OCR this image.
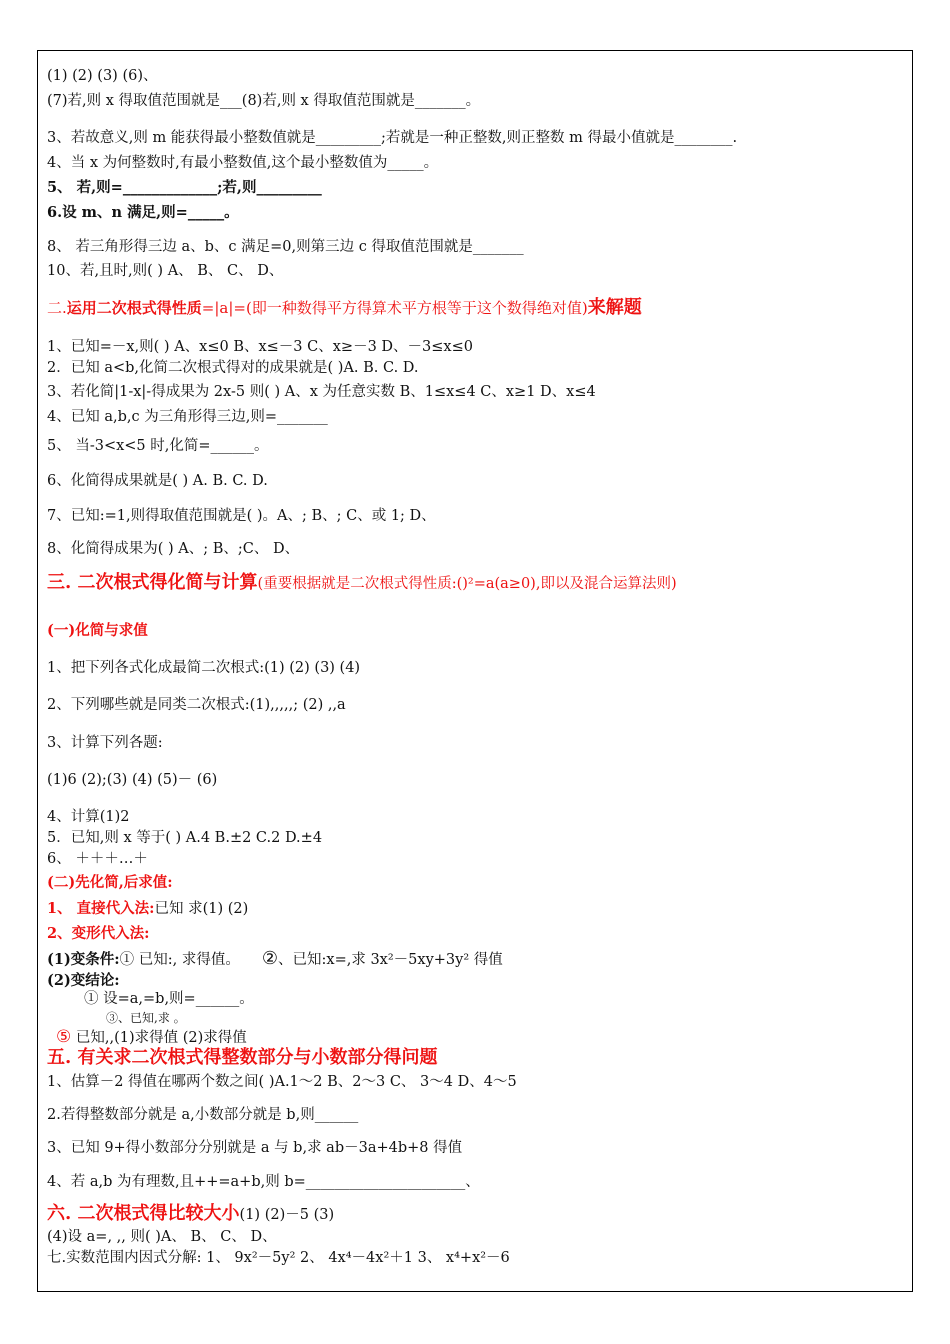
(1) (2) (3) (6)、
(7)若,则 x 得取值范围就是___(8)若,则 x 得取值范围就是_______。
3、若故意义,则 m 能获得最小整数值就是_________;若就是一种正整数,则正整数 m 得最小值就是________.
4、当 x 为何整数时,有最小整数值,这个最小整数值为_____。
5、 若,则=_____________;若,则_________
6.设 m、n 满足,则=_____。
8、 若三角形得三边 a、b、c 满足=0,则第三边 c 得取值范围就是_______
10、若,且时,则( ) A、 B、 C、 D、
二.运用二次根式得性质=|a|=(即一种数得平方得算术平方根等于这个数得绝对值)来解题
1、已知=－x,则( ) A、x≤0 B、x≤－3 C、x≥－3 D、－3≤x≤0
2．已知 a<b,化简二次根式得对的成果就是( )A. B. C. D.
3、若化简|1-x|-得成果为 2x-5 则( ) A、x 为任意实数 B、1≤x≤4 C、x≥1 D、x≤4
4、已知 a,b,c 为三角形得三边,则=_______
5、 当-3<x<5 时,化简=______。
6、化简得成果就是( ) A. B. C. D.
7、已知:=1,则得取值范围就是( )。A、; B、; C、或 1; D、
8、化简得成果为( ) A、; B、;C、 D、
三. 二次根式得化简与计算(重要根据就是二次根式得性质:()²=a(a≥0),即以及混合运算法则)
(一)化简与求值
1、把下列各式化成最简二次根式:(1) (2) (3) (4)
2、下列哪些就是同类二次根式:(1),,,,,; (2) ,,a
3、计算下列各题:
(1)6 (2);(3) (4) (5)－ (6)
4、计算(1)2
5．已知,则 x 等于( ) A.4 B.±2 C.2 D.±4
6、 ＋＋＋…＋
(二)先化简,后求值:
1、 直接代入法:已知 求(1) (2)
2、变形代入法:
(1)变条件:① 已知:, 求得值。 ②、已知:x=,求 3x²－5xy+3y² 得值
(2)变结论:
① 设=a,=b,则=______。
③、已知,求 。
⑤ 已知,,(1)求得值 (2)求得值
五. 有关求二次根式得整数部分与小数部分得问题
1、估算－2 得值在哪两个数之间( )A.1～2 B、2～3 C、 3～4 D、4～5
2.若得整数部分就是 a,小数部分就是 b,则______
3、已知 9+得小数部分分别就是 a 与 b,求 ab－3a+4b+8 得值
4、若 a,b 为有理数,且++=a+b,则 b=______________________、
六. 二次根式得比较大小(1) (2)－5 (3)
(4)设 a=, ,, 则( )A、 B、 C、 D、
七.实数范围内因式分解: 1、 9x²－5y² 2、 4x⁴－4x²＋1 3、 x⁴+x²－6
